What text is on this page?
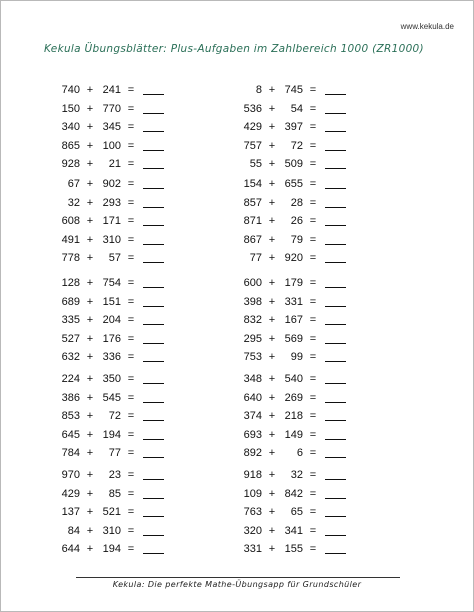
www.kekula.de
Kekula Übungsblätter: Plus-Aufgaben im Zahlbereich 1000 (ZR1000)
740 + 241 =
150 + 770 =
340 + 345 =
865 + 100 =
928 +	21 =
67 + 902 =
32 + 293 =
608 + 171 =
491 + 310 =
778 +	57 =
128 + 754 =
689 + 151 =
335 + 204 =
527 + 176 =
632 + 336 =
224 + 350 =
386 + 545 =
853 +	72 =
645 + 194 =
784 +	77 =
970 +	23 =
429 +	85 =
137 + 521 =
84 + 310 =
644 + 194 =
8 + 745 =
536 +	54 =
429 + 397 =
757 +	72 =
55 + 509 =
154 + 655 =
857 +	28 =
871 +	26 =
867 +	79 =
77 + 920 =
600 + 179 =
398 + 331 =
832 + 167 =
295 + 569 =
753 +	99 =
348 + 540 =
640 + 269 =
374 + 218 =
693 + 149 =
892 +	6 =
918 +	32 =
109 + 842 =
763 +	65 =
320 + 341 =
331 + 155 =
Kekula: Die perfekte Mathe-Übungsapp für Grundschüler
